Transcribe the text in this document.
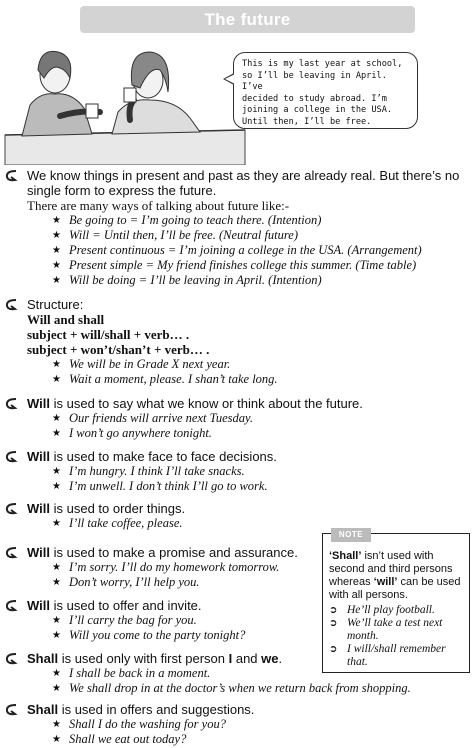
The future
This is my last year at school,
so I’ll be leaving in April. I’ve
decided to study abroad. I’m
joining a college in the USA.
Until then, I’ll be free.
We know things in present and past as they are already real. But there’s no single form to express the future.
There are many ways of talking about future like:-
★ Be going to = I’m going to teach there. (Intention)
★ Will = Until then, I’ll be free. (Neutral future)
★ Present continuous = I’m joining a college in the USA. (Arrangement)
★ Present simple = My friend finishes college this summer. (Time table)
★ Will be doing = I’ll be leaving in April. (Intention)
Structure:
Will and shall
subject + will/shall + verb… .
subject + won’t/shan’t + verb… .
★ We will be in Grade X next year.
★ Wait a moment, please. I shan’t take long.
Will is used to say what we know or think about the future.
★ Our friends will arrive next Tuesday.
★ I won’t go anywhere tonight.
Will is used to make face to face decisions.
★ I’m hungry. I think I’ll take snacks.
★ I’m unwell. I don’t think I’ll go to work.
Will is used to order things.
★ I’ll take coffee, please.
Will is used to make a promise and assurance.
★ I’m sorry. I’ll do my homework tomorrow.
★ Don’t worry, I’ll help you.
Will is used to offer and invite.
★ I’ll carry the bag for you.
★ Will you come to the party tonight?
Shall is used only with first person I and we.
★ I shall be back in a moment.
★ We shall drop in at the doctor’s when we return back from shopping.
Shall is used in offers and suggestions.
★ Shall I do the washing for you?
★ Shall we eat out today?
NOTE
‘Shall’ isn’t used with second and third persons whereas ‘will’ can be used with all persons.
➲ He’ll play football.
➲ We’ll take a test next month.
➲ I will/shall remember that.
